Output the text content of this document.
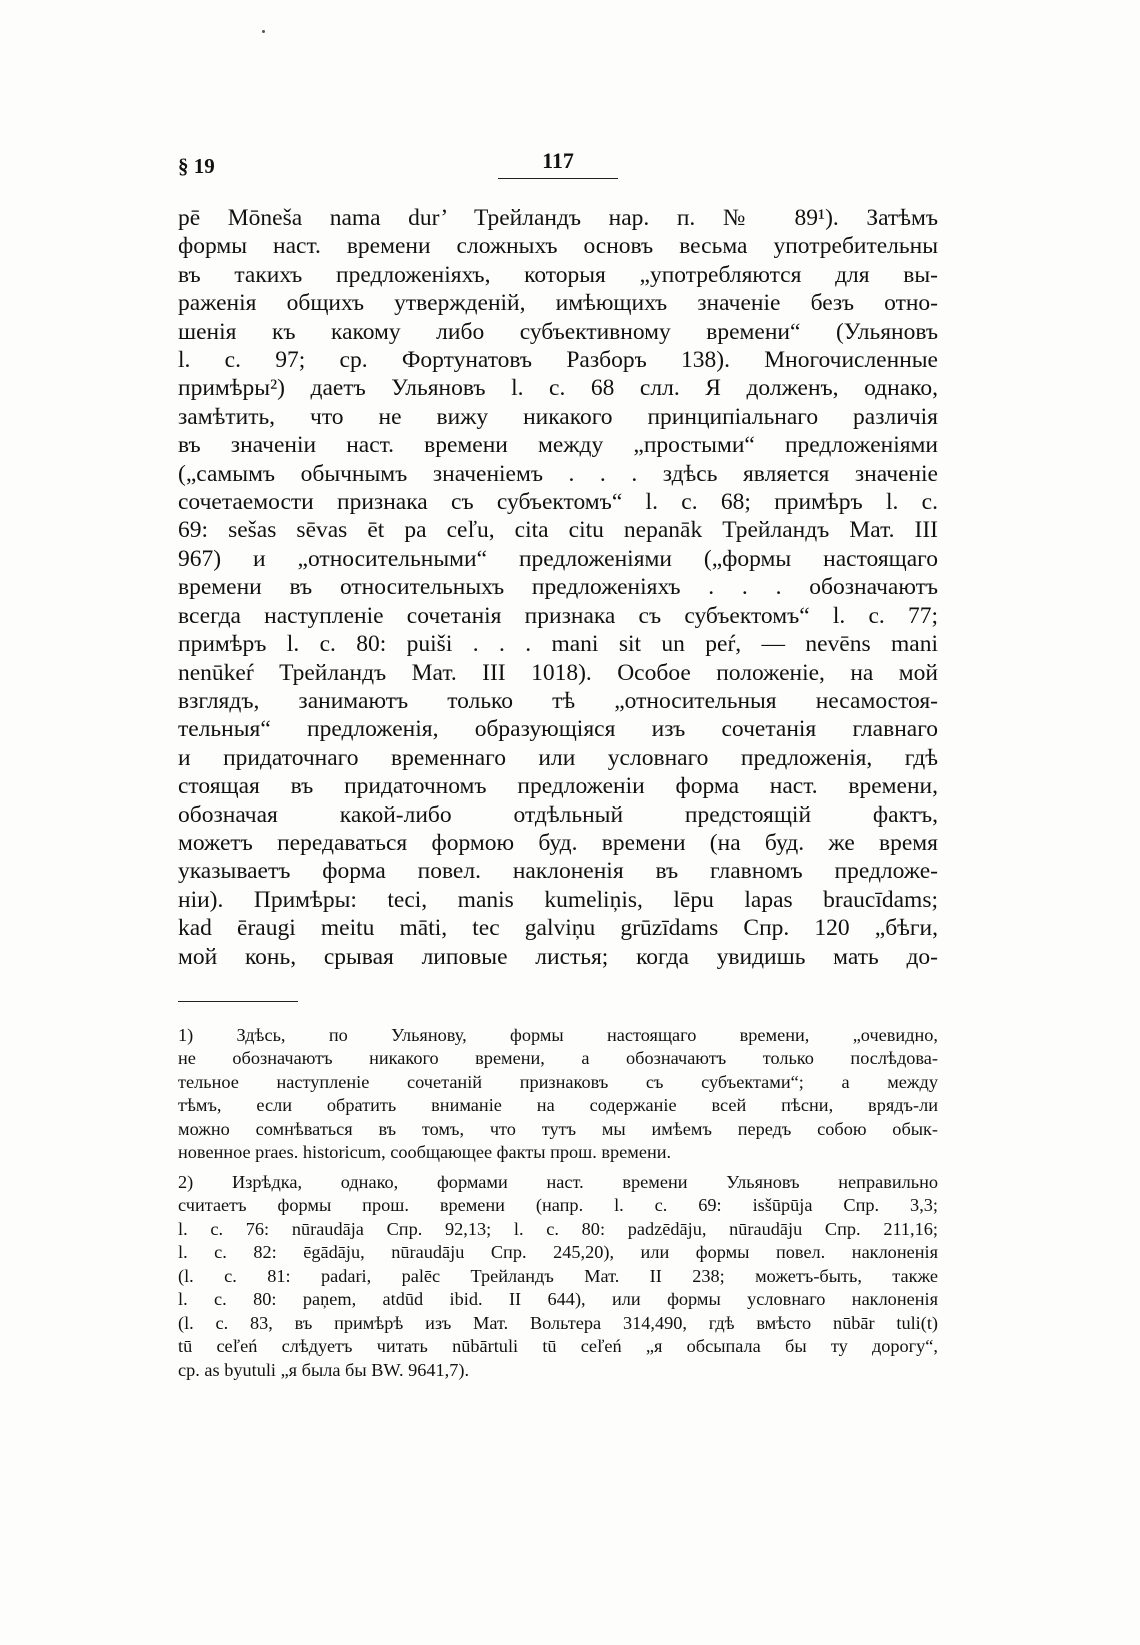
§ 19	117
pē Mōneša nama dur’ Трейландъ нар. п. № 89¹). Затѣмъ
формы наст. времени сложныхъ основъ весьма употребительны
въ такихъ предложеніяхъ, которыя „употребляются для вы-
раженія общихъ утвержденій, имѣющихъ значеніе безъ отно-
шенія къ какому либо субъективному времени“ (Ульяновъ
l. c. 97; ср. Фортунатовъ Разборъ 138). Многочисленные
примѣры²) даетъ Ульяновъ l. c. 68 слл. Я долженъ, однако,
замѣтить, что не вижу никакого принципіальнаго различія
въ значеніи наст. времени между „простыми“ предложеніями
(„самымъ обычнымъ значеніемъ . . . здѣсь является значеніе
сочетаемости признака съ субъектомъ“ l. c. 68; примѣръ l. c.
69: sešas sēvas ēt pa ceľu, cita citu nepanāk Трейландъ Мат. III
967) и „относительными“ предложеніями („формы настоящаго
времени въ относительныхъ предложеніяхъ . . . обозначаютъ
всегда наступленіе сочетанія признака съ субъектомъ“ l. c. 77;
примѣръ l. c. 80: puiši . . . mani sit un peŕ, — nevēns mani
nenūkeŕ Трейландъ Мат. III 1018). Особое положеніе, на мой
взглядъ, занимаютъ только тѣ „относительныя несамостоя-
тельныя“ предложенія, образующіяся изъ сочетанія главнаго
и придаточнаго временнаго или условнаго предложенія, гдѣ
стоящая въ придаточномъ предложеніи форма наст. времени,
обозначая какой-либо отдѣльный предстоящій фактъ,
можетъ передаваться формою буд. времени (на буд. же время
указываетъ форма повел. наклоненія въ главномъ предложе-
ніи). Примѣры: teci, manis kumeliņis, lēpu lapas braucīdams;
kad ēraugi meitu māti, tec galviņu grūzīdams Спр. 120 „бѣги,
мой конь, срывая липовые листья; когда увидишь мать до-
1) Здѣсь, по Ульянову, формы настоящаго времени, „очевидно,
не обозначаютъ никакого времени, а обозначаютъ только послѣдова-
тельное наступленіе сочетаній признаковъ съ субъектами“; а между
тѣмъ, если обратить вниманіе на содержаніе всей пѣсни, врядъ-ли
можно сомнѣваться въ томъ, что тутъ мы имѣемъ передъ собою обык-
новенное praes. historicum, сообщающее факты прош. времени.
2) Изрѣдка, однако, формами наст. времени Ульяновъ неправильно
считаетъ формы прош. времени (напр. l. c. 69: isšūpūja Спр. 3,3;
l. c. 76: nūraudāja Спр. 92,13; l. c. 80: padzēdāju, nūraudāju Спр. 211,16;
l. c. 82: ēgādāju, nūraudāju Спр. 245,20), или формы повел. наклоненія
(l. c. 81: padari, palēc Трейландъ Мат. II 238; можетъ-быть, также
l. c. 80: paņem, atdūd ibid. II 644), или формы условнаго наклоненія
(l. c. 83, въ примѣрѣ изъ Мат. Вольтера 314,490, гдѣ вмѣсто nūbār tuli(t)
tū ceľeń слѣдуетъ читать nūbārtuli tū ceľeń „я обсыпала бы ту дорогу“,
ср. as byutuli „я была бы BW. 9641,7).
